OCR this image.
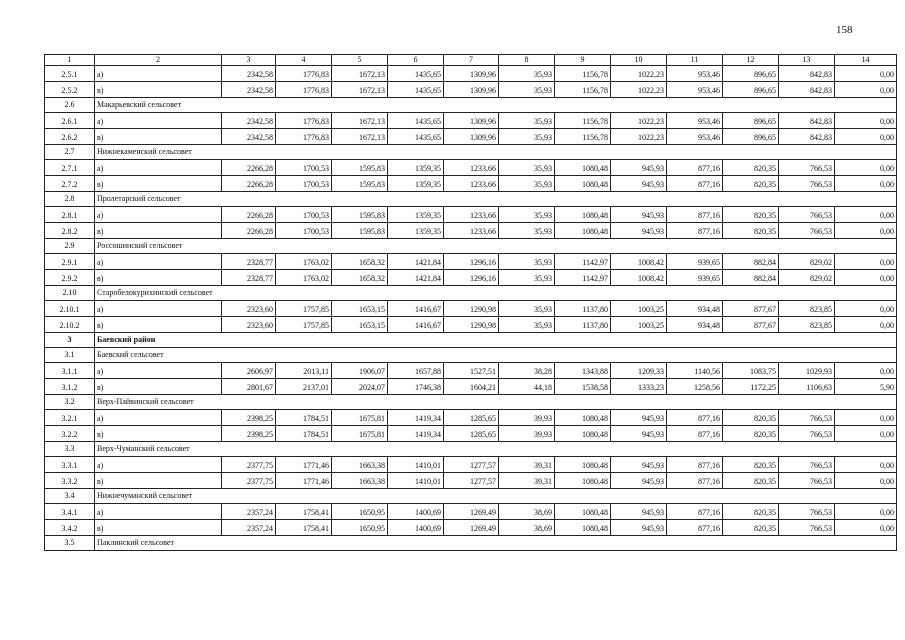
158
1	2	3	4	5	6	7	8	9	10	11	12	13	14
2.5.1	а)	2342,58	1776,83	1672,13	1435,65	1309,96	35,93	1156,78	1022,23	953,46	896,65	842,83	0,00
2.5.2	в)	2342,58	1776,83	1672,13	1435,65	1309,96	35,93	1156,78	1022,23	953,46	896,65	842,83	0,00
2.6	Макарьевский сельсовет												
2.6.1	а)	2342,58	1776,83	1672,13	1435,65	1309,96	35,93	1156,78	1022,23	953,46	896,65	842,83	0,00
2.6.2	в)	2342,58	1776,83	1672,13	1435,65	1309,96	35,93	1156,78	1022,23	953,46	896,65	842,83	0,00
2.7	Нижнекаменский сельсовет												
2.7.1	а)	2266,28	1700,53	1595,83	1359,35	1233,66	35,93	1080,48	945,93	877,16	820,35	766,53	0,00
2.7.2	в)	2266,28	1700,53	1595,83	1359,35	1233,66	35,93	1080,48	945,93	877,16	820,35	766,53	0,00
2.8	Пролетарский сельсовет												
2.8.1	а)	2266,28	1700,53	1595,83	1359,35	1233,66	35,93	1080,48	945,93	877,16	820,35	766,53	0,00
2.8.2	в)	2266,28	1700,53	1595,83	1359,35	1233,66	35,93	1080,48	945,93	877,16	820,35	766,53	0,00
2.9	Россошинский сельсовет												
2.9.1	а)	2328,77	1763,02	1658,32	1421,84	1296,16	35,93	1142,97	1008,42	939,65	882,84	829,02	0,00
2.9.2	в)	2328,77	1763,02	1658,32	1421,84	1296,16	35,93	1142,97	1008,42	939,65	882,84	829,02	0,00
2.10	Старобелокурихинский сельсовет												
2.10.1	а)	2323,60	1757,85	1653,15	1416,67	1290,98	35,93	1137,80	1003,25	934,48	877,67	823,85	0,00
2.10.2	в)	2323,60	1757,85	1653,15	1416,67	1290,98	35,93	1137,80	1003,25	934,48	877,67	823,85	0,00
3	Баевский район												
3.1	Баевский сельсовет												
3.1.1	а)	2606,97	2013,11	1906,07	1657,88	1527,51	38,28	1343,88	1209,33	1140,56	1083,75	1029,93	0,00
3.1.2	в)	2801,67	2137,01	2024,07	1746,38	1604,21	44,18	1538,58	1333,23	1258,56	1172,25	1106,63	5,90
3.2	Верх-Пайвинский сельсовет												
3.2.1	а)	2398,25	1784,51	1675,81	1419,34	1285,65	39,93	1080,48	945,93	877,16	820,35	766,53	0,00
3.2.2	в)	2398,25	1784,51	1675,81	1419,34	1285,65	39,93	1080,48	945,93	877,16	820,35	766,53	0,00
3.3	Верх-Чуманский сельсовет												
3.3.1	а)	2377,75	1771,46	1663,38	1410,01	1277,57	39,31	1080,48	945,93	877,16	820,35	766,53	0,00
3.3.2	в)	2377,75	1771,46	1663,38	1410,01	1277,57	39,31	1080,48	945,93	877,16	820,35	766,53	0,00
3.4	Нижнечуманский сельсовет												
3.4.1	а)	2357,24	1758,41	1650,95	1400,69	1269,49	38,69	1080,48	945,93	877,16	820,35	766,53	0,00
3.4.2	в)	2357,24	1758,41	1650,95	1400,69	1269,49	38,69	1080,48	945,93	877,16	820,35	766,53	0,00
3.5	Паклинский сельсовет												
